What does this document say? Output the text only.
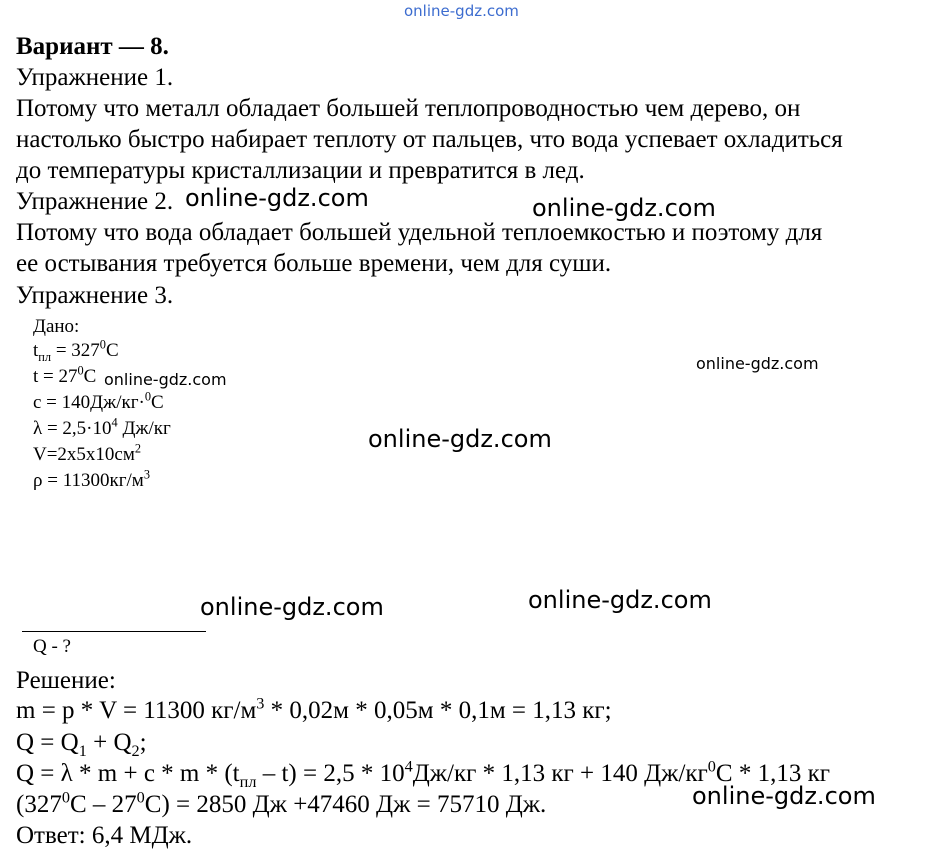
online-gdz.com
Вариант — 8.
Упражнение 1.
Потому что металл обладает большей теплопроводностью чем дерево, он
настолько быстро набирает теплоту от пальцев, что вода успевает охладиться
до температуры кристаллизации и превратится в лед.
Упражнение 2.
Потому что вода обладает большей удельной теплоемкостью и поэтому для
ее остывания требуется больше времени, чем для суши.
Упражнение 3.
Дано:
$t_{пл} = 327^0C$
$t = 27^0C$
c = 140Дж/кг·$^0$C
$\lambda = 2,5\cdot 10^4$ Дж/кг
$V=2x5x10см^2$
$\rho = 11300кг/м^3$
Q - ?
Решение:
m = p * V = 11300 $кг/м^3 * 0,02м * 0,05м * 0,1м = 1,13$ кг;
$Q = Q_1 + Q_2$;
$Q = \lambda * m + c * m * (t_{пл} - t) = 2,5 * 10^4Дж/кг * 1,13$ кг + 140 $Дж/кг^0C * 1,13$ кг
$(327^0C - 27^0C) = 2850$ Дж +47460 Дж = 75710 Дж.
Ответ: 6,4 МДж.
online-gdz.com	online-gdz.com
online-gdz.com
online-gdz.com
online-gdz.com
online-gdz.com	online-gdz.com
online-gdz.com
